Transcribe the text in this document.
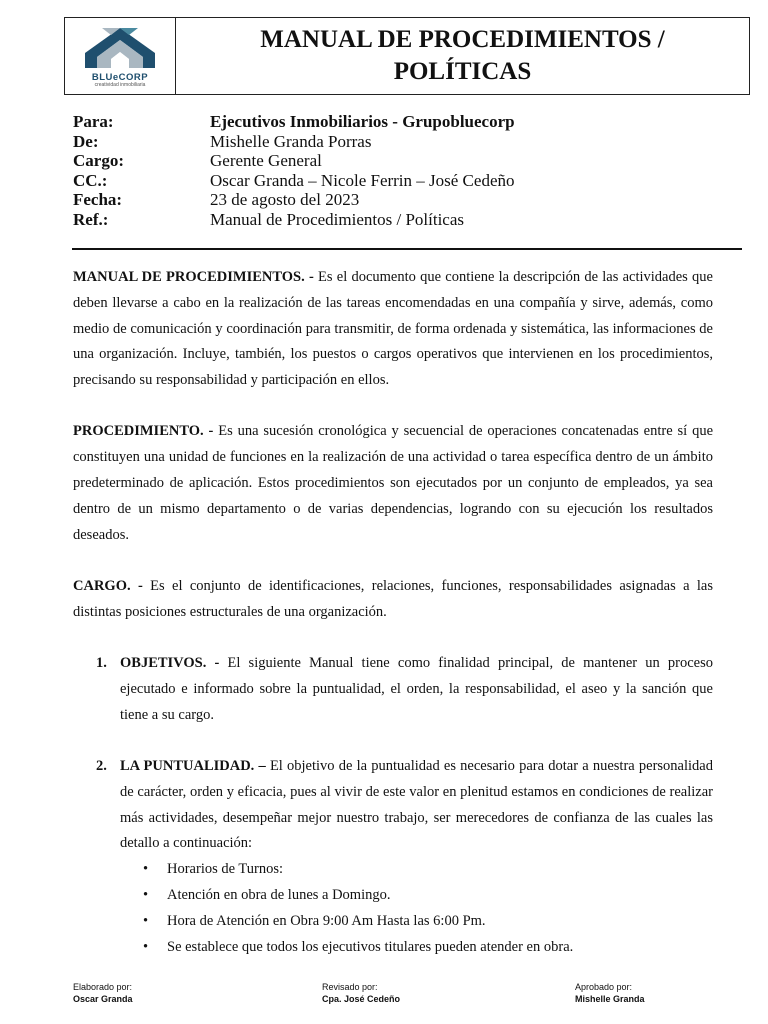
BLUeCORP
creatividad inmobiliaria
MANUAL DE PROCEDIMIENTOS /
POLÍTICAS
Para:	Ejecutivos Inmobiliarios - Grupobluecorp
De:	Mishelle Granda Porras
Cargo:	Gerente General
CC.:	Oscar Granda – Nicole Ferrin – José Cedeño
Fecha:	23 de agosto del 2023
Ref.:	Manual de Procedimientos / Políticas

MANUAL DE PROCEDIMIENTOS. - Es el documento que contiene la descripción de las actividades que deben llevarse a cabo en la realización de las tareas encomendadas en una compañía y sirve, además, como medio de comunicación y coordinación para transmitir, de forma ordenada y sistemática, las informaciones de una organización. Incluye, también, los puestos o cargos operativos que intervienen en los procedimientos, precisando su responsabilidad y participación en ellos.

PROCEDIMIENTO. - Es una sucesión cronológica y secuencial de operaciones concatenadas entre sí que constituyen una unidad de funciones en la realización de una actividad o tarea específica dentro de un ámbito predeterminado de aplicación. Estos procedimientos son ejecutados por un conjunto de empleados, ya sea dentro de un mismo departamento o de varias dependencias, logrando con su ejecución los resultados deseados.

CARGO. - Es el conjunto de identificaciones, relaciones, funciones, responsabilidades asignadas a las distintas posiciones estructurales de una organización.

1. OBJETIVOS. - El siguiente Manual tiene como finalidad principal, de mantener un proceso ejecutado e informado sobre la puntualidad, el orden, la responsabilidad, el aseo y la sanción que tiene a su cargo.
2. LA PUNTUALIDAD. – El objetivo de la puntualidad es necesario para dotar a nuestra personalidad de carácter, orden y eficacia, pues al vivir de este valor en plenitud estamos en condiciones de realizar más actividades, desempeñar mejor nuestro trabajo, ser merecedores de confianza de las cuales las detallo a continuación:
• Horarios de Turnos:
• Atención en obra de lunes a Domingo.
• Hora de Atención en Obra 9:00 Am Hasta las 6:00 Pm.
• Se establece que todos los ejecutivos titulares pueden atender en obra.
Elaborado por:
Oscar Granda
Revisado por:
Cpa. José Cedeño
Aprobado por:
Mishelle Granda
